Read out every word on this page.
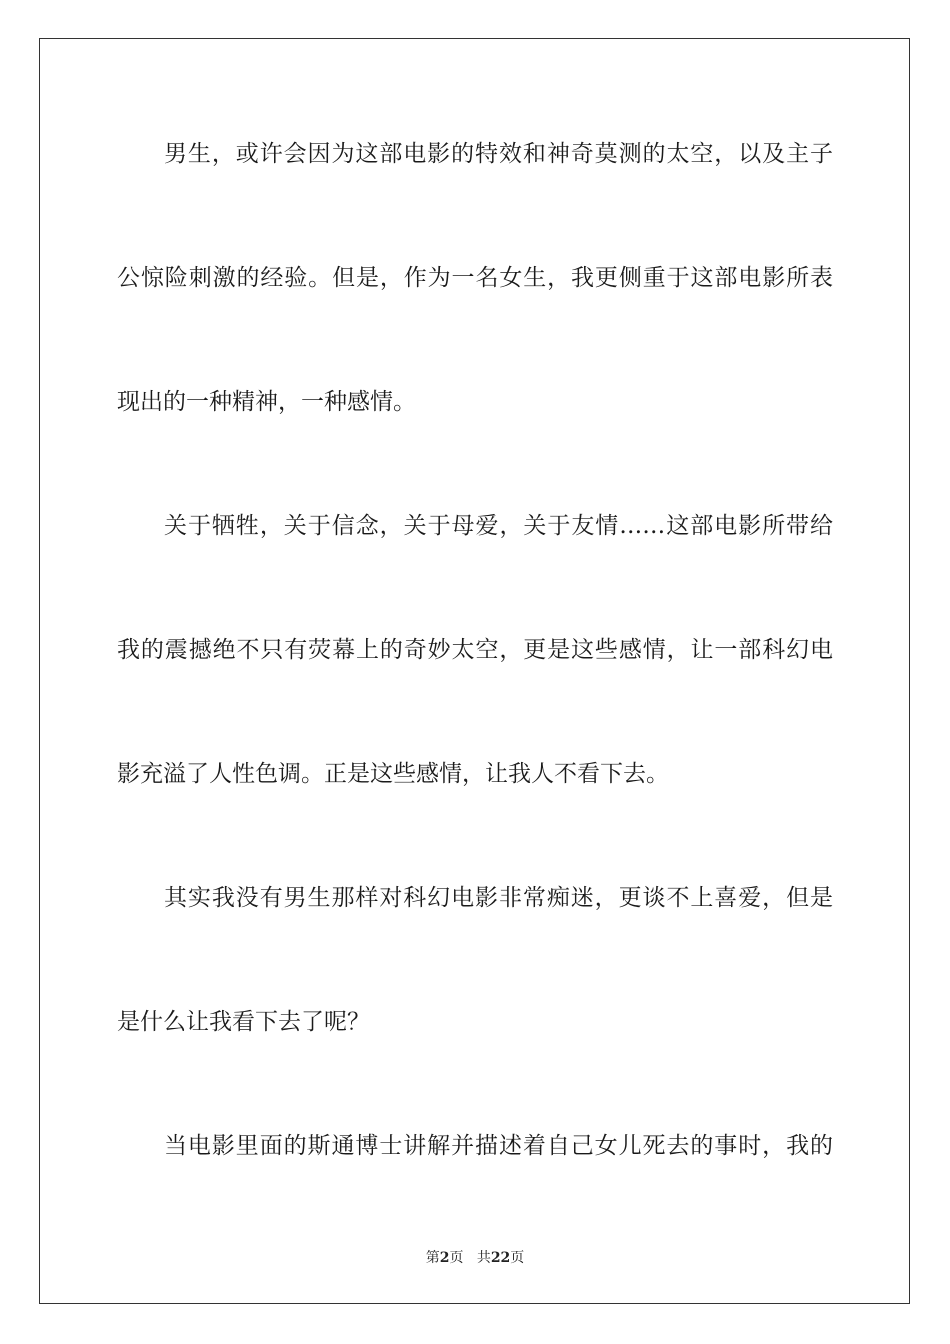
男生，或许会因为这部电影的特效和神奇莫测的太空，以及主子
公惊险刺激的经验。但是，作为一名女生，我更侧重于这部电影所表
现出的一种精神，一种感情。
关于牺牲，关于信念，关于母爱，关于友情……这部电影所带给
我的震撼绝不只有荧幕上的奇妙太空，更是这些感情，让一部科幻电
影充溢了人性色调。正是这些感情，让我人不看下去。
其实我没有男生那样对科幻电影非常痴迷，更谈不上喜爱，但是
是什么让我看下去了呢？
当电影里面的斯通博士讲解并描述着自己女儿死去的事时，我的
第2页 共22页
